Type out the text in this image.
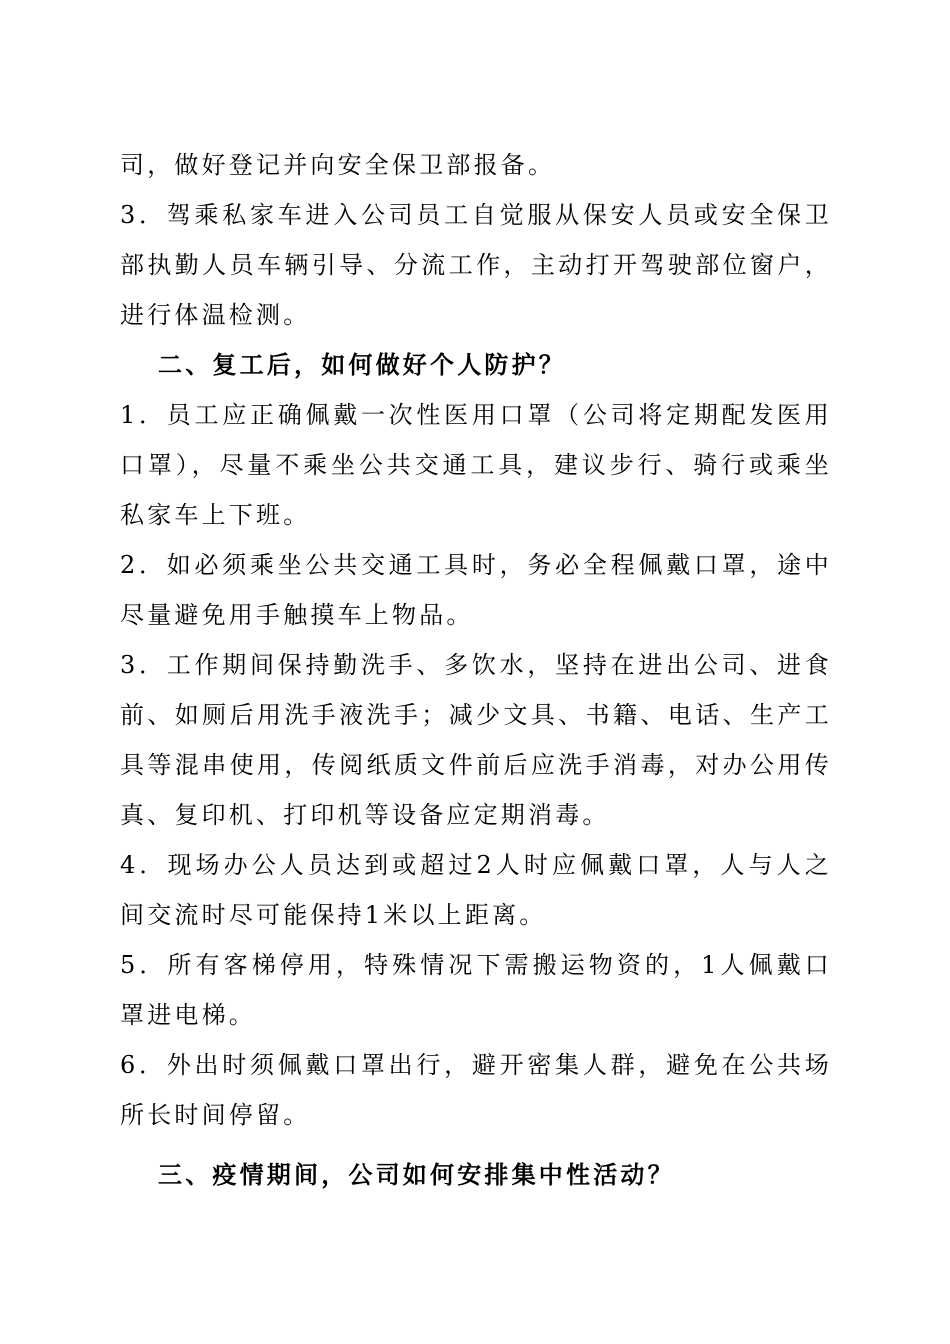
司，做好登记并向安全保卫部报备。

3．驾乘私家车进入公司员工自觉服从保安人员或安全保卫部执勤人员车辆引导、分流工作，主动打开驾驶部位窗户，进行体温检测。

二、复工后，如何做好个人防护？

1．员工应正确佩戴一次性医用口罩（公司将定期配发医用口罩），尽量不乘坐公共交通工具，建议步行、骑行或乘坐私家车上下班。

2．如必须乘坐公共交通工具时，务必全程佩戴口罩，途中尽量避免用手触摸车上物品。

3．工作期间保持勤洗手、多饮水，坚持在进出公司、进食前、如厕后用洗手液洗手；减少文具、书籍、电话、生产工具等混串使用，传阅纸质文件前后应洗手消毒，对办公用传真、复印机、打印机等设备应定期消毒。

4．现场办公人员达到或超过2人时应佩戴口罩，人与人之间交流时尽可能保持1米以上距离。

5．所有客梯停用，特殊情况下需搬运物资的，1人佩戴口罩进电梯。

6．外出时须佩戴口罩出行，避开密集人群，避免在公共场所长时间停留。

三、疫情期间，公司如何安排集中性活动？
